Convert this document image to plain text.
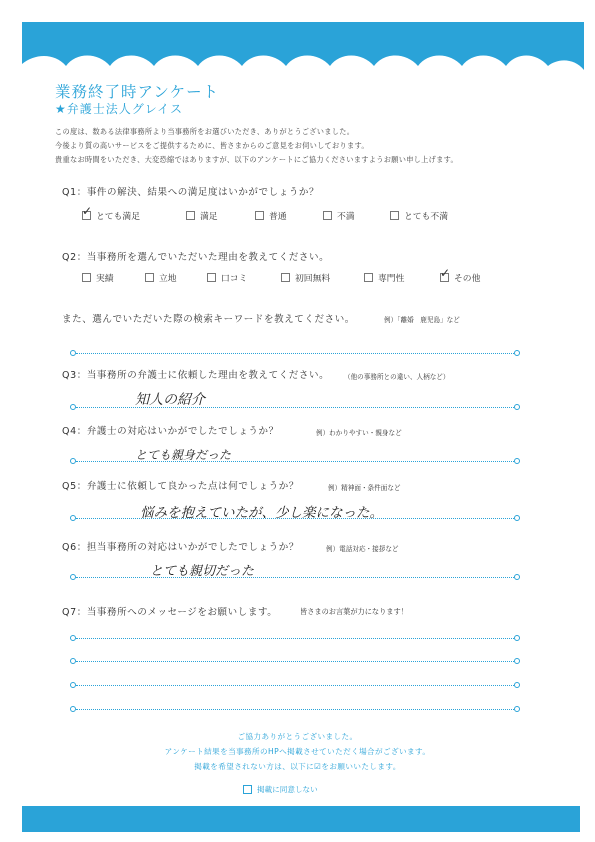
業務終了時アンケート
★弁護士法人グレイス
この度は、数ある法律事務所より当事務所をお選びいただき、ありがとうございました。
今後より質の高いサービスをご提供するために、皆さまからのご意見をお伺いしております。
貴重なお時間をいただき、大変恐縮ではありますが、以下のアンケートにご協力くださいますようお願い申し上げます。
Q1：事件の解決、結果への満足度はいかがでしょうか？
✓
とても満足	満足	普通	不満	とても不満
Q2：当事務所を選んでいただいた理由を教えてください。
実績	立地	口コミ	初回無料	専門性
✓	その他
また、選んでいただいた際の検索キーワードを教えてください。	例）「離婚　鹿児島」など
Q3：当事務所の弁護士に依頼した理由を教えてください。 （他の事務所との違い、人柄など）
知人の紹介
Q4：弁護士の対応はいかがでしたでしょうか？	例）わかりやすい・親身など
とても親身だった
Q5：弁護士に依頼して良かった点は何でしょうか？	例）精神面・条件面など
悩みを抱えていたが、少し楽になった。
Q6：担当事務所の対応はいかがでしたでしょうか？	例）電話対応・接拶など
とても親切だった
Q7：当事務所へのメッセージをお願いします。	皆さまのお言葉が力になります！
ご協力ありがとうございました。
アンケート結果を当事務所のHPへ掲載させていただく場合がございます。
掲載を希望されない方は、以下に☑をお願いいたします。
掲載に同意しない
